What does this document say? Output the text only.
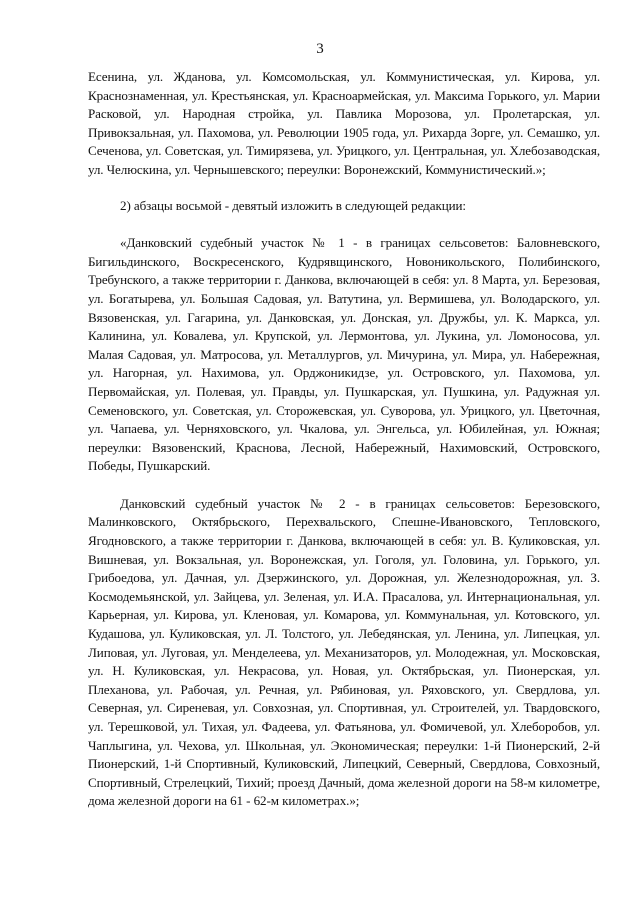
3

Есенина, ул. Жданова, ул. Комсомольская, ул. Коммунистическая, ул. Кирова, ул. Краснознаменная, ул. Крестьянская, ул. Красноармейская, ул. Максима Горького, ул. Марии Расковой, ул. Народная стройка, ул. Павлика Морозова, ул. Пролетарская, ул. Привокзальная, ул. Пахомова, ул. Революции 1905 года, ул. Рихарда Зорге, ул. Семашко, ул. Сеченова, ул. Советская, ул. Тимирязева, ул. Урицкого, ул. Центральная, ул. Хлебозаводская, ул. Челюскина, ул. Чернышевского; переулки: Воронежский, Коммунистический.»;

2) абзацы восьмой - девятый изложить в следующей редакции:

«Данковский судебный участок № 1 - в границах сельсоветов: Баловневского, Бигильдинского, Воскресенского, Кудрявщинского, Новоникольского, Полибинского, Требунского, а также территории г. Данкова, включающей в себя: ул. 8 Марта, ул. Березовая, ул. Богатырева, ул. Большая Садовая, ул. Ватутина, ул. Вермишева, ул. Володарского, ул. Вязовенская, ул. Гагарина, ул. Данковская, ул. Донская, ул. Дружбы, ул. К. Маркса, ул. Калинина, ул. Ковалева, ул. Крупской, ул. Лермонтова, ул. Лукина, ул. Ломоносова, ул. Малая Садовая, ул. Матросова, ул. Металлургов, ул. Мичурина, ул. Мира, ул. Набережная, ул. Нагорная, ул. Нахимова, ул. Орджоникидзе, ул. Островского, ул. Пахомова, ул. Первомайская, ул. Полевая, ул. Правды, ул. Пушкарская, ул. Пушкина, ул. Радужная ул. Семеновского, ул. Советская, ул. Сторожевская, ул. Суворова, ул. Урицкого, ул. Цветочная, ул. Чапаева, ул. Черняховского, ул. Чкалова, ул. Энгельса, ул. Юбилейная, ул. Южная; переулки: Вязовенский, Краснова, Лесной, Набережный, Нахимовский, Островского, Победы, Пушкарский.

Данковский судебный участок № 2 - в границах сельсоветов: Березовского, Малинковского, Октябрьского, Перехвальского, Спешне-Ивановского, Тепловского, Ягодновского, а также территории г. Данкова, включающей в себя: ул. В. Куликовская, ул. Вишневая, ул. Вокзальная, ул. Воронежская, ул. Гоголя, ул. Головина, ул. Горького, ул. Грибоедова, ул. Дачная, ул. Дзержинского, ул. Дорожная, ул. Железнодорожная, ул. З. Космодемьянской, ул. Зайцева, ул. Зеленая, ул. И.А. Прасалова, ул. Интернациональная, ул. Карьерная, ул. Кирова, ул. Кленовая, ул. Комарова, ул. Коммунальная, ул. Котовского, ул. Кудашова, ул. Куликовская, ул. Л. Толстого, ул. Лебедянская, ул. Ленина, ул. Липецкая, ул. Липовая, ул. Луговая, ул. Менделеева, ул. Механизаторов, ул. Молодежная, ул. Московская, ул. Н. Куликовская, ул. Некрасова, ул. Новая, ул. Октябрьская, ул. Пионерская, ул. Плеханова, ул. Рабочая, ул. Речная, ул. Рябиновая, ул. Ряховского, ул. Свердлова, ул. Северная, ул. Сиреневая, ул. Совхозная, ул. Спортивная, ул. Строителей, ул. Твардовского, ул. Терешковой, ул. Тихая, ул. Фадеева, ул. Фатьянова, ул. Фомичевой, ул. Хлеборобов, ул. Чаплыгина, ул. Чехова, ул. Школьная, ул. Экономическая; переулки: 1-й Пионерский, 2-й Пионерский, 1-й Спортивный, Куликовский, Липецкий, Северный, Свердлова, Совхозный, Спортивный, Стрелецкий, Тихий; проезд Дачный, дома железной дороги на 58-м километре, дома железной дороги на 61 - 62-м километрах.»;
